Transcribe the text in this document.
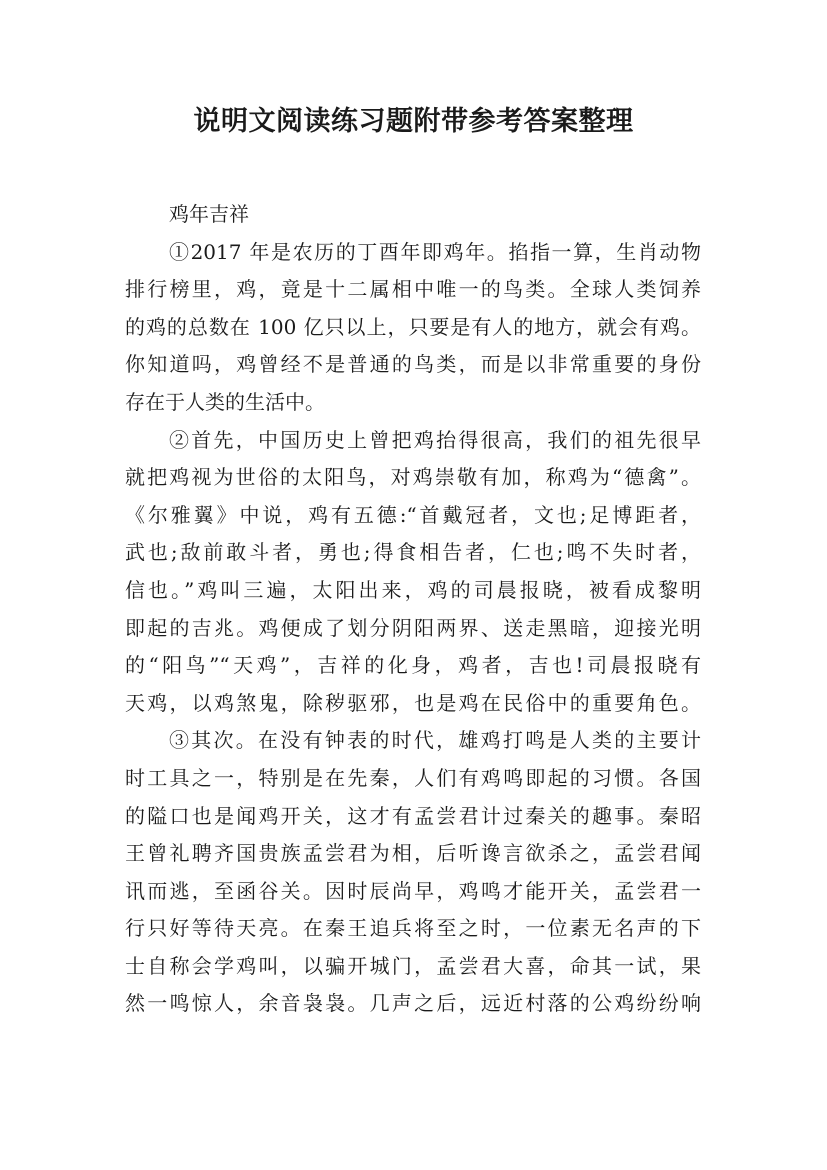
说明文阅读练习题附带参考答案整理
鸡年吉祥
①2017 年是农历的丁酉年即鸡年。掐指一算，生肖动物
排行榜里，鸡，竟是十二属相中唯一的鸟类。全球人类饲养
的鸡的总数在 100 亿只以上，只要是有人的地方，就会有鸡。
你知道吗，鸡曾经不是普通的鸟类，而是以非常重要的身份
存在于人类的生活中。
②首先，中国历史上曾把鸡抬得很高，我们的祖先很早
就把鸡视为世俗的太阳鸟，对鸡崇敬有加，称鸡为“德禽”。
《尔雅翼》中说，鸡有五德:“首戴冠者，文也;足博距者，
武也;敌前敢斗者，勇也;得食相告者，仁也;鸣不失时者，
信也。”鸡叫三遍，太阳出来，鸡的司晨报晓，被看成黎明
即起的吉兆。鸡便成了划分阴阳两界、送走黑暗，迎接光明
的“阳鸟”“天鸡”，吉祥的化身，鸡者，吉也!司晨报晓有
天鸡，以鸡煞鬼，除秽驱邪，也是鸡在民俗中的重要角色。
③其次。在没有钟表的时代，雄鸡打鸣是人类的主要计
时工具之一，特别是在先秦，人们有鸡鸣即起的习惯。各国
的隘口也是闻鸡开关，这才有孟尝君计过秦关的趣事。秦昭
王曾礼聘齐国贵族孟尝君为相，后听谗言欲杀之，孟尝君闻
讯而逃，至函谷关。因时辰尚早，鸡鸣才能开关，孟尝君一
行只好等待天亮。在秦王追兵将至之时，一位素无名声的下
士自称会学鸡叫，以骗开城门，孟尝君大喜，命其一试，果
然一鸣惊人，余音袅袅。几声之后，远近村落的公鸡纷纷响
